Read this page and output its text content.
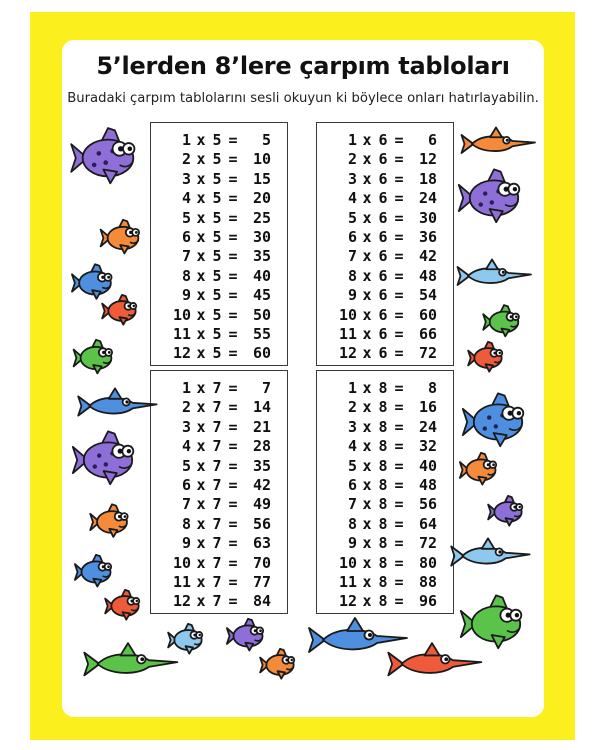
5’lerden 8’lere çarpım tabloları

Buradaki çarpım tablolarını sesli okuyun ki böylece onları hatırlayabilin.

1 x 5 =	5
2 x 5 =	10
3 x 5 =	15
4 x 5 =	20
5 x 5 =	25
6 x 5 =	30
7 x 5 =	35
8 x 5 =	40
9 x 5 =	45
10 x 5 =	50
11 x 5 =	55
12 x 5 =	60
1 x 6 =	6
2 x 6 =	12
3 x 6 =	18
4 x 6 =	24
5 x 6 =	30
6 x 6 =	36
7 x 6 =	42
8 x 6 =	48
9 x 6 =	54
10 x 6 =	60
11 x 6 =	66
12 x 6 =	72
1 x 7 =	7
2 x 7 =	14
3 x 7 =	21
4 x 7 =	28
5 x 7 =	35
6 x 7 =	42
7 x 7 =	49
8 x 7 =	56
9 x 7 =	63
10 x 7 =	70
11 x 7 =	77
12 x 7 =	84
1 x 8 =	8
2 x 8 =	16
3 x 8 =	24
4 x 8 =	32
5 x 8 =	40
6 x 8 =	48
7 x 8 =	56
8 x 8 =	64
9 x 8 =	72
10 x 8 =	80
11 x 8 =	88
12 x 8 =	96
